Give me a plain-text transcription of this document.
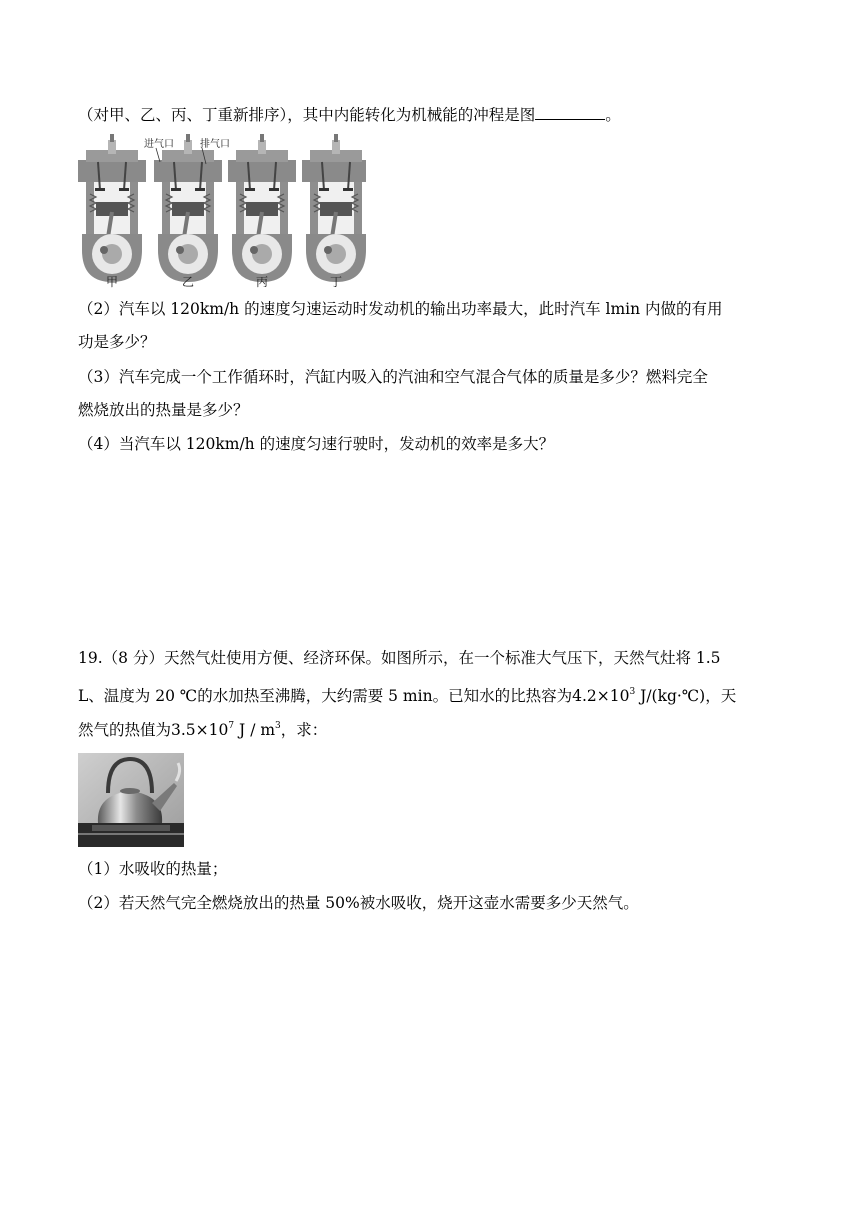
（对甲、乙、丙、丁重新排序），其中内能转化为机械能的冲程是图	。
进气口	排气口
甲	乙	丙	丁
（2）汽车以 120km/h 的速度匀速运动时发动机的输出功率最大，此时汽车 lmin 内做的有用
功是多少？
（3）汽车完成一个工作循环时，汽缸内吸入的汽油和空气混合气体的质量是多少？燃料完全
燃烧放出的热量是多少？
（4）当汽车以 120km/h 的速度匀速行驶时，发动机的效率是多大？
19.（8 分）天然气灶使用方便、经济环保。如图所示，在一个标准大气压下，天然气灶将 1.5
L、温度为 20 ℃的水加热至沸腾，大约需要 5 min。已知水的比热容为$4.2\times 10^3$ J/(kg·℃)，天
然气的热值为$3.5\times 10^7$ J / $m^3$，求：
（1）水吸收的热量；
（2）若天然气完全燃烧放出的热量 50%被水吸收，烧开这壶水需要多少天然气。
